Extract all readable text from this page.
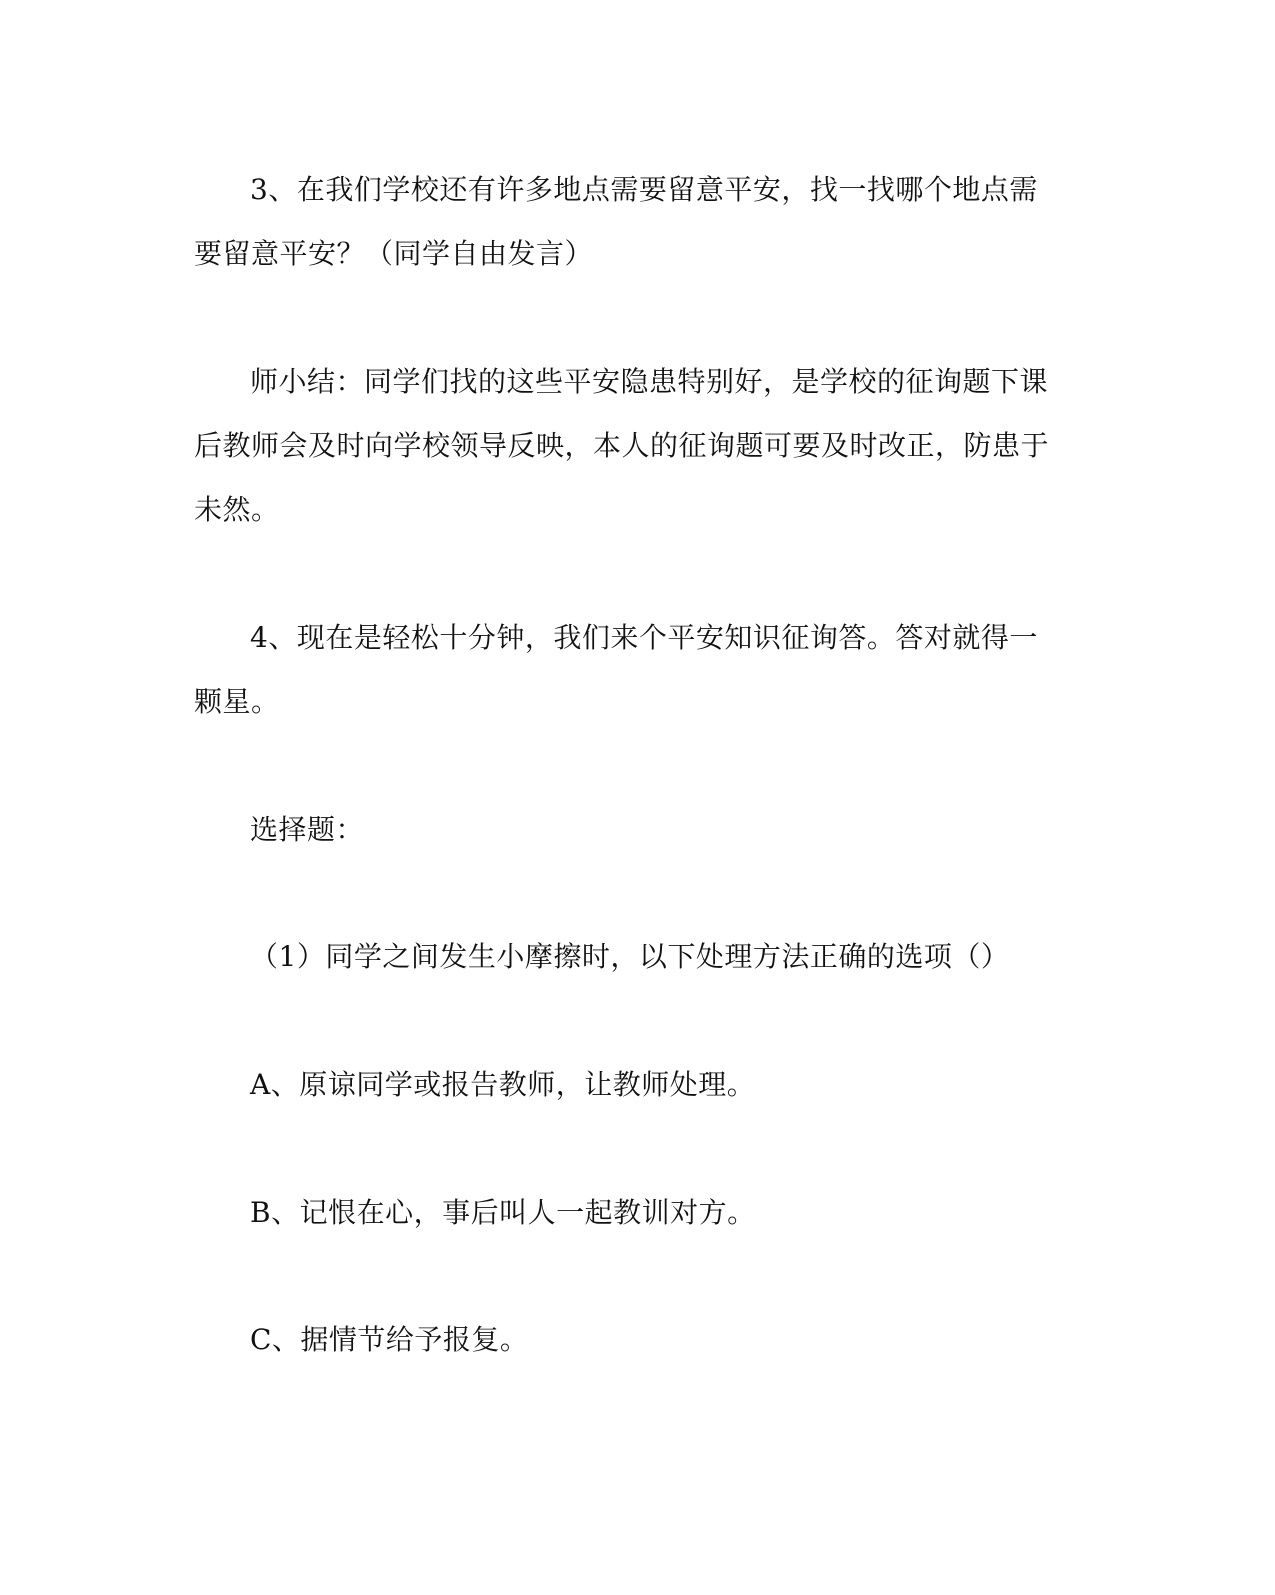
3、在我们学校还有许多地点需要留意平安，找一找哪个地点需要留意平安？（同学自由发言）

师小结：同学们找的这些平安隐患特别好，是学校的征询题下课后教师会及时向学校领导反映，本人的征询题可要及时改正，防患于未然。

4、现在是轻松十分钟，我们来个平安知识征询答。答对就得一颗星。

选择题：

（1）同学之间发生小摩擦时，以下处理方法正确的选项（）

A、原谅同学或报告教师，让教师处理。

B、记恨在心，事后叫人一起教训对方。

C、据情节给予报复。
